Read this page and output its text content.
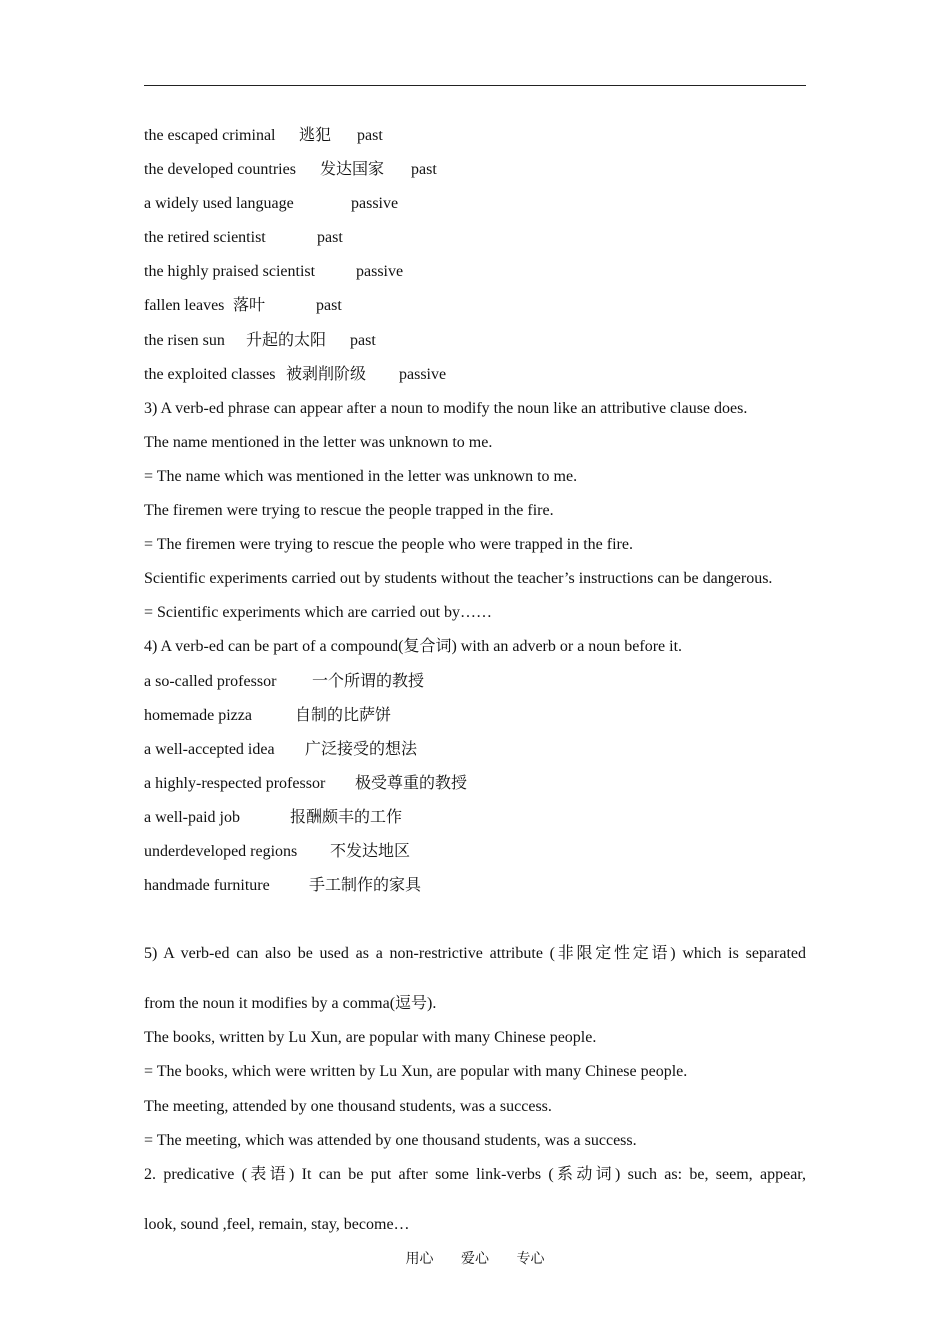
the escaped criminal 逃犯 past
the developed countries 发达国家 past
a widely used language	passive
the retired scientist	past
the highly praised scientist	passive
fallen leaves 落叶	past
the risen sun 升起的太阳 past
the exploited classes 被剥削阶级 passive
3) A verb-ed phrase can appear after a noun to modify the noun like an attributive clause does.
The name mentioned in the letter was unknown to me.
= The name which was mentioned in the letter was unknown to me.
The firemen were trying to rescue the people trapped in the fire.
= The firemen were trying to rescue the people who were trapped in the fire.
Scientific experiments carried out by students without the teacher’s instructions can be dangerous.
= Scientific experiments which are carried out by……
4) A verb-ed can be part of a compound(复合词) with an adverb or a noun before it.
a so-called professor 一个所谓的教授
homemade pizza	自制的比萨饼
a well-accepted idea 广泛接受的想法
a highly-respected professor 极受尊重的教授
a well-paid job	报酬颇丰的工作
underdeveloped regions 不发达地区
handmade furniture 手工制作的家具
5) A verb-ed can also be used as a non-restrictive attribute (非限定性定语) which is separated
from the noun it modifies by a comma(逗号).
The books, written by Lu Xun, are popular with many Chinese people.
= The books, which were written by Lu Xun, are popular with many Chinese people.
The meeting, attended by one thousand students, was a success.
= The meeting, which was attended by one thousand students, was a success.
2. predicative (表语) It can be put after some link-verbs (系动词) such as: be, seem, appear,
look, sound ,feel, remain, stay, become…
用心 爱心 专心
